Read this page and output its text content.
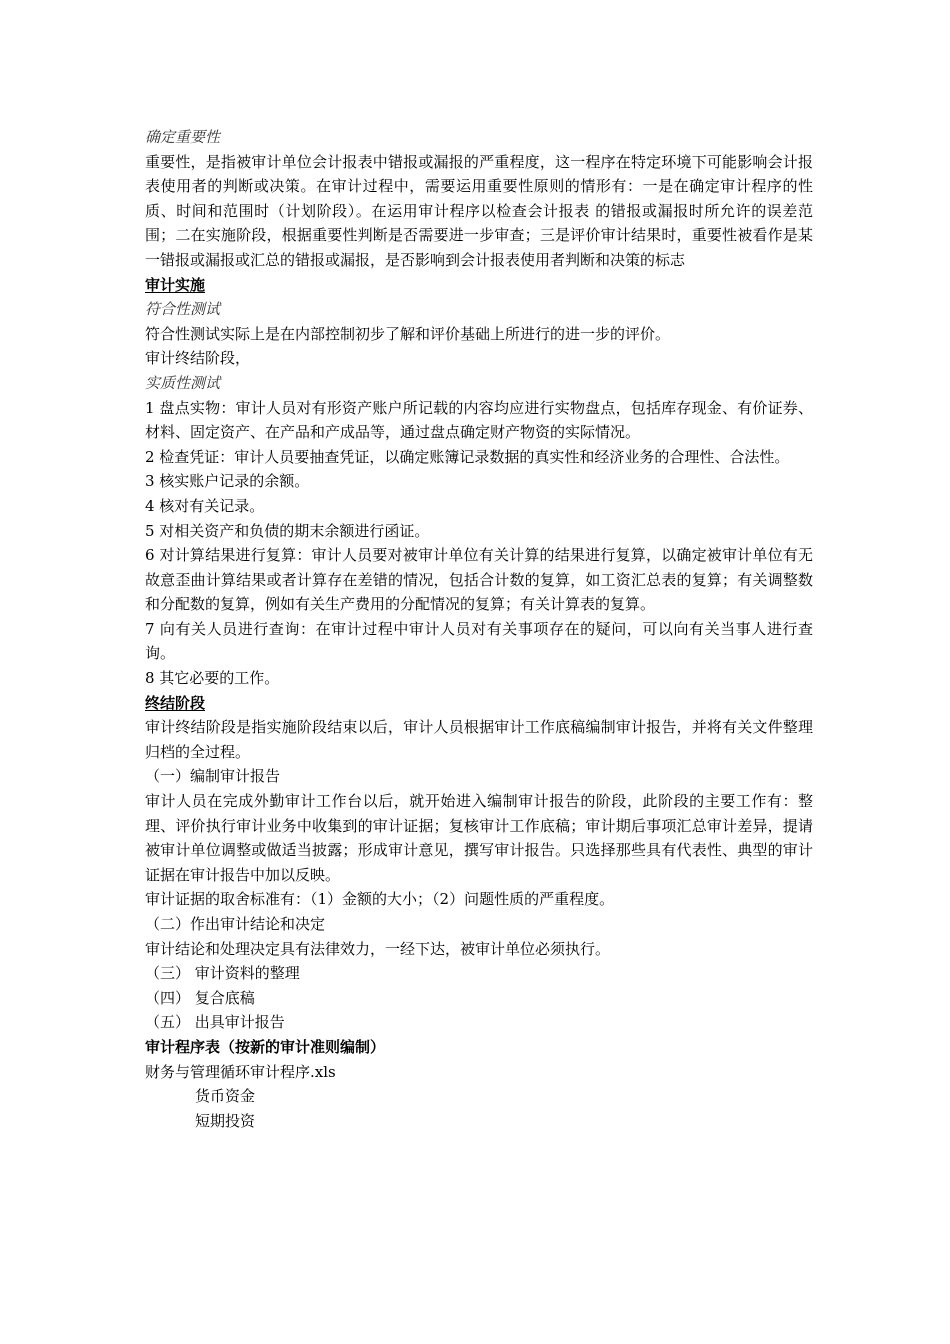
确定重要性

重要性，是指被审计单位会计报表中错报或漏报的严重程度，这一程序在特定环境下可能影响会计报 表使用者的判断或决策。在审计过程中，需要运用重要性原则的情形有：一是在确定审计程序的性质、时间和范围时（计划阶段）。在运用审计程序以检查会计报表 的错报或漏报时所允许的误差范围；二在实施阶段，根据重要性判断是否需要进一步审查；三是评价审计结果时，重要性被看作是某一错报或漏报或汇总的错报或漏报，是否影响到会计报表使用者判断和决策的标志

审计实施

符合性测试

符合性测试实际上是在内部控制初步了解和评价基础上所进行的进一步的评价。

审计终结阶段，

实质性测试

1 盘点实物：审计人员对有形资产账户所记载的内容均应进行实物盘点，包括库存现金、有价证券、材料、固定资产、在产品和产成品等，通过盘点确定财产物资的实际情况。

2 检查凭证：审计人员要抽查凭证，以确定账簿记录数据的真实性和经济业务的合理性、合法性。

3 核实账户记录的余额。

4 核对有关记录。

5 对相关资产和负债的期末余额进行函证。

6 对计算结果进行复算：审计人员要对被审计单位有关计算的结果进行复算，以确定被审计单位有无故意歪曲计算结果或者计算存在差错的情况，包括合计数的复算，如工资汇总表的复算；有关调整数和分配数的复算，例如有关生产费用的分配情况的复算；有关计算表的复算。

7 向有关人员进行查询：在审计过程中审计人员对有关事项存在的疑问，可以向有关当事人进行查询。

8 其它必要的工作。

终结阶段

审计终结阶段是指实施阶段结束以后，审计人员根据审计工作底稿编制审计报告，并将有关文件整理归档的全过程。

（一）编制审计报告

审计人员在完成外勤审计工作台以后，就开始进入编制审计报告的阶段，此阶段的主要工作有：整 理、评价执行审计业务中收集到的审计证据；复核审计工作底稿；审计期后事项汇总审计差异，提请被审计单位调整或做适当披露；形成审计意见，撰写审计报告。只选择那些具有代表性、典型的审计证据在审计报告中加以反映。

审计证据的取舍标准有：（1）金额的大小；（2）问题性质的严重程度。

（二）作出审计结论和决定

审计结论和处理决定具有法律效力，一经下达，被审计单位必须执行。

（三） 审计资料的整理

（四） 复合底稿

（五） 出具审计报告

审计程序表（按新的审计准则编制）

财务与管理循环审计程序.xls

货币资金

短期投资
